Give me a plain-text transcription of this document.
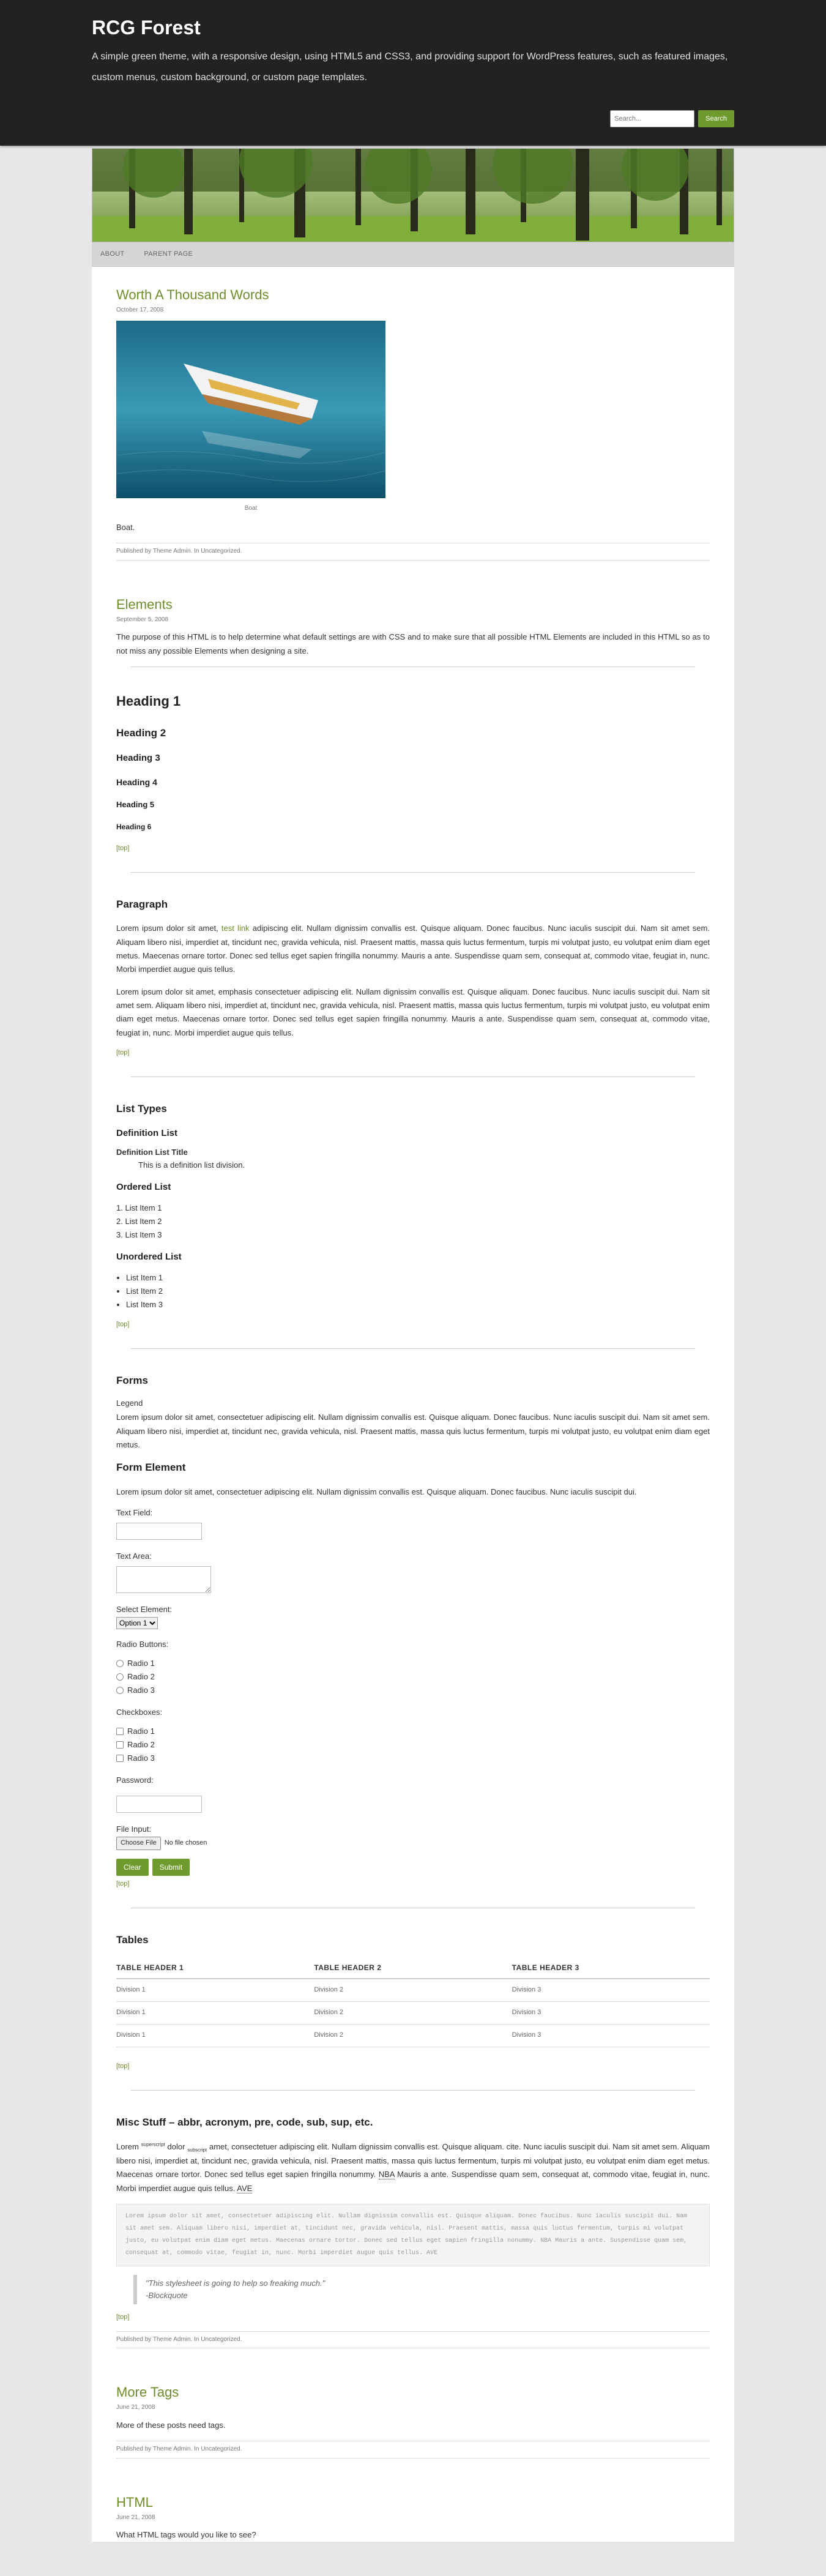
RCG Forest
A simple green theme, with a responsive design, using HTML5 and CSS3, and providing support for WordPress features, such as featured images, custom menus, custom background, or custom page templates.
Search...
Search
ABOUT	PARENT PAGE
Worth A Thousand Words
October 17, 2008
Boat

Boat.

Published by Theme Admin. In Uncategorized.
Elements
September 5, 2008

The purpose of this HTML is to help determine what default settings are with CSS and to make sure that all possible HTML Elements are included in this HTML so as to not miss any possible Elements when designing a site.

Heading 1
Heading 2
Heading 3
Heading 4
Heading 5
Heading 6
[top]
Paragraph

Lorem ipsum dolor sit amet, test link adipiscing elit. Nullam dignissim convallis est. Quisque aliquam. Donec faucibus. Nunc iaculis suscipit dui. Nam sit amet sem. Aliquam libero nisi, imperdiet at, tincidunt nec, gravida vehicula, nisl. Praesent mattis, massa quis luctus fermentum, turpis mi volutpat justo, eu volutpat enim diam eget metus. Maecenas ornare tortor. Donec sed tellus eget sapien fringilla nonummy. Mauris a ante. Suspendisse quam sem, consequat at, commodo vitae, feugiat in, nunc. Morbi imperdiet augue quis tellus.

Lorem ipsum dolor sit amet, emphasis consectetuer adipiscing elit. Nullam dignissim convallis est. Quisque aliquam. Donec faucibus. Nunc iaculis suscipit dui. Nam sit amet sem. Aliquam libero nisi, imperdiet at, tincidunt nec, gravida vehicula, nisl. Praesent mattis, massa quis luctus fermentum, turpis mi volutpat justo, eu volutpat enim diam eget metus. Maecenas ornare tortor. Donec sed tellus eget sapien fringilla nonummy. Mauris a ante. Suspendisse quam sem, consequat at, commodo vitae, feugiat in, nunc. Morbi imperdiet augue quis tellus.

[top]
List Types
Definition List
Definition List Title
This is a definition list division.
Ordered List
1. List Item 1
2. List Item 2
3. List Item 3
Unordered List
• List Item 1
• List Item 2
• List Item 3
[top]
Forms
Legend

Lorem ipsum dolor sit amet, consectetuer adipiscing elit. Nullam dignissim convallis est. Quisque aliquam. Donec faucibus. Nunc iaculis suscipit dui. Nam sit amet sem. Aliquam libero nisi, imperdiet at, tincidunt nec, gravida vehicula, nisl. Praesent mattis, massa quis luctus fermentum, turpis mi volutpat justo, eu volutpat enim diam eget metus.

Form Element

Lorem ipsum dolor sit amet, consectetuer adipiscing elit. Nullam dignissim convallis est. Quisque aliquam. Donec faucibus. Nunc iaculis suscipit dui.

Text Field:
Text Area:
Select Element:
Option 1
Radio Buttons:
Radio 1
Radio 2
Radio 3
Checkboxes:
Radio 1
Radio 2
Radio 3
Password:
File Input:
Choose File	No file chosen
Clear	Submit
[top]
Tables
TABLE HEADER 1	TABLE HEADER 2	TABLE HEADER 3
Division 1	Division 2	Division 3
Division 1	Division 2	Division 3
Division 1	Division 2	Division 3
[top]
Misc Stuff – abbr, acronym, pre, code, sub, sup, etc.

Lorem $^{superscript}$ dolor $_{subscript}$ amet, consectetuer adipiscing elit. Nullam dignissim convallis est. Quisque aliquam. cite. Nunc iaculis suscipit dui. Nam sit amet sem. Aliquam libero nisi, imperdiet at, tincidunt nec, gravida vehicula, nisl. Praesent mattis, massa quis luctus fermentum, turpis mi volutpat justo, eu volutpat enim diam eget metus. Maecenas ornare tortor. Donec sed tellus eget sapien fringilla nonummy. NBA Mauris a ante. Suspendisse quam sem, consequat at, commodo vitae, feugiat in, nunc. Morbi imperdiet augue quis tellus. AVE

Lorem ipsum dolor sit amet, consectetuer adipiscing elit. Nullam dignissim convallis est. Quisque aliquam. Donec faucibus. Nunc iaculis suscipit dui. Nam sit amet sem. Aliquam libero nisi, imperdiet at, tincidunt nec, gravida vehicula, nisl. Praesent mattis, massa quis luctus fermentum, turpis mi volutpat justo, eu volutpat enim diam eget metus. Maecenas ornare tortor. Donec sed tellus eget sapien fringilla nonummy. NBA Mauris a ante. Suspendisse quam sem, consequat at, commodo vitae, feugiat in, nunc. Morbi imperdiet augue quis tellus. AVE
"This stylesheet is going to help so freaking much."
-Blockquote
[top]
Published by Theme Admin. In Uncategorized.
More Tags
June 21, 2008

More of these posts need tags.

Published by Theme Admin. In Uncategorized.
HTML
June 21, 2008

What HTML tags would you like to see?
